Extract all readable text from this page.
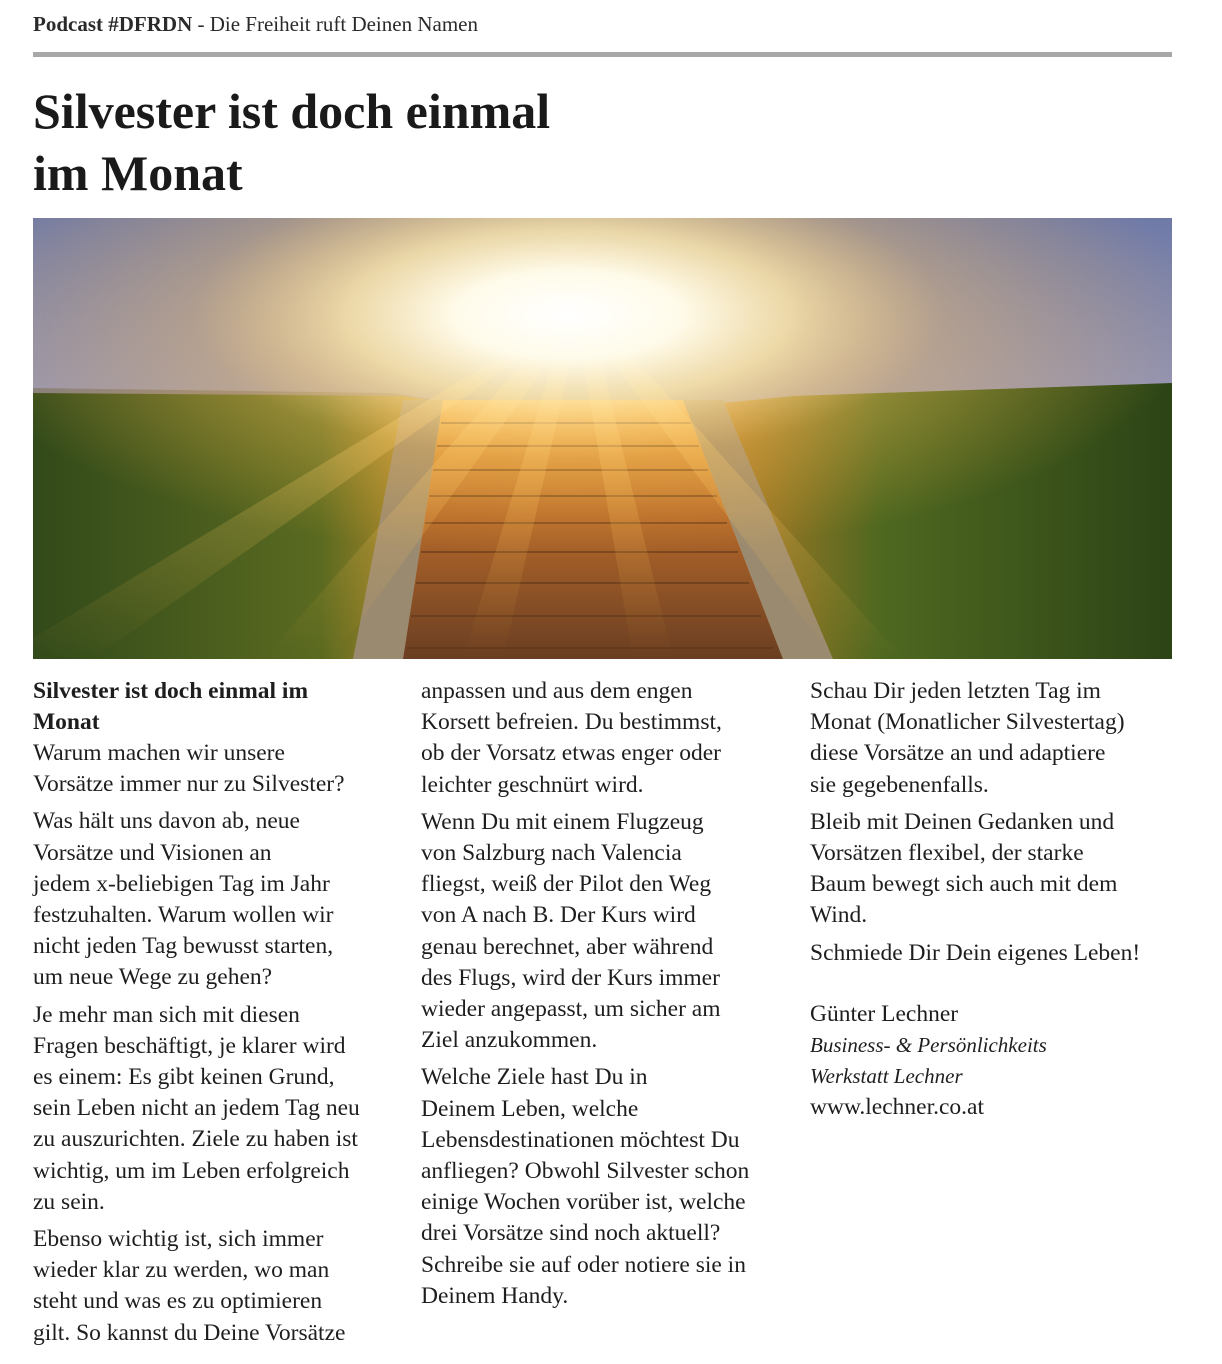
Podcast #DFRDN - Die Freiheit ruft Deinen Namen
Silvester ist doch einmal
im Monat
Silvester ist doch einmal im
Monat

Warum machen wir unsere
Vorsätze immer nur zu Silvester?

Was hält uns davon ab, neue
Vorsätze und Visionen an
jedem x-beliebigen Tag im Jahr
festzuhalten. Warum wollen wir
nicht jeden Tag bewusst starten,
um neue Wege zu gehen?

Je mehr man sich mit diesen
Fragen beschäftigt, je klarer wird
es einem: Es gibt keinen Grund,
sein Leben nicht an jedem Tag neu
zu auszurichten. Ziele zu haben ist
wichtig, um im Leben erfolgreich
zu sein.

Ebenso wichtig ist, sich immer
wieder klar zu werden, wo man
steht und was es zu optimieren
gilt. So kannst du Deine Vorsätze

anpassen und aus dem engen
Korsett befreien. Du bestimmst,
ob der Vorsatz etwas enger oder
leichter geschnürt wird.

Wenn Du mit einem Flugzeug
von Salzburg nach Valencia
fliegst, weiß der Pilot den Weg
von A nach B. Der Kurs wird
genau berechnet, aber während
des Flugs, wird der Kurs immer
wieder angepasst, um sicher am
Ziel anzukommen.

Welche Ziele hast Du in
Deinem Leben, welche
Lebensdestinationen möchtest Du
anfliegen? Obwohl Silvester schon
einige Wochen vorüber ist, welche
drei Vorsätze sind noch aktuell?
Schreibe sie auf oder notiere sie in
Deinem Handy.

Schau Dir jeden letzten Tag im
Monat (Monatlicher Silvestertag)
diese Vorsätze an und adaptiere
sie gegebenenfalls.

Bleib mit Deinen Gedanken und
Vorsätzen flexibel, der starke
Baum bewegt sich auch mit dem
Wind.

Schmiede Dir Dein eigenes Leben!

Günter Lechner
Business- & Persönlichkeits
Werkstatt Lechner
www.lechner.co.at
